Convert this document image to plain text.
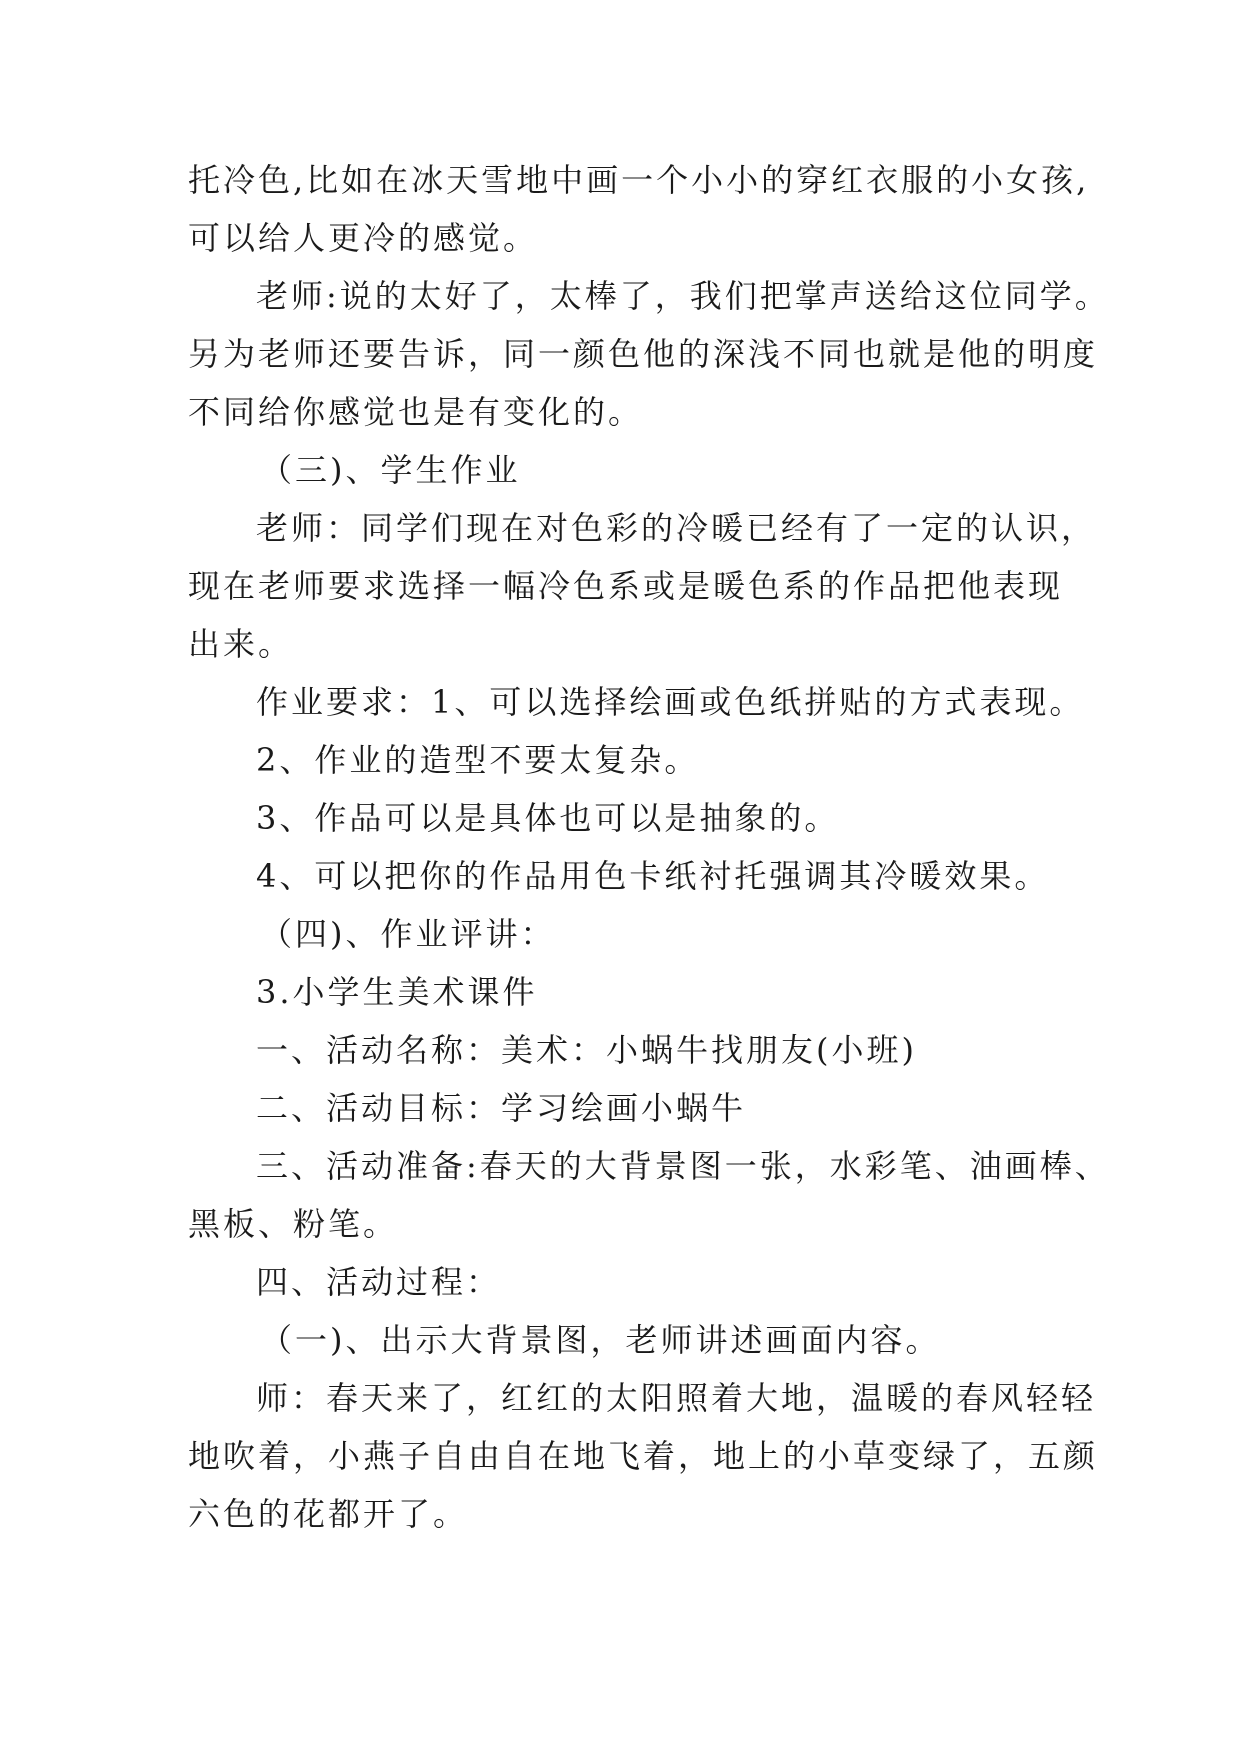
托冷色,比如在冰天雪地中画一个小小的穿红衣服的小女孩,
可以给人更冷的感觉。
老师:说的太好了，太棒了，我们把掌声送给这位同学。
另为老师还要告诉，同一颜色他的深浅不同也就是他的明度
不同给你感觉也是有变化的。
（三)、学生作业
老师：同学们现在对色彩的冷暖已经有了一定的认识，
现在老师要求选择一幅冷色系或是暖色系的作品把他表现
出来。
作业要求：1、可以选择绘画或色纸拼贴的方式表现。
2、作业的造型不要太复杂。
3、作品可以是具体也可以是抽象的。
4、可以把你的作品用色卡纸衬托强调其冷暖效果。
（四)、作业评讲：
3.小学生美术课件
一、活动名称：美术：小蜗牛找朋友(小班)
二、活动目标：学习绘画小蜗牛
三、活动准备:春天的大背景图一张，水彩笔、油画棒、
黑板、粉笔。
四、活动过程：
（一)、出示大背景图，老师讲述画面内容。
师：春天来了，红红的太阳照着大地，温暖的春风轻轻
地吹着，小燕子自由自在地飞着，地上的小草变绿了，五颜
六色的花都开了。
